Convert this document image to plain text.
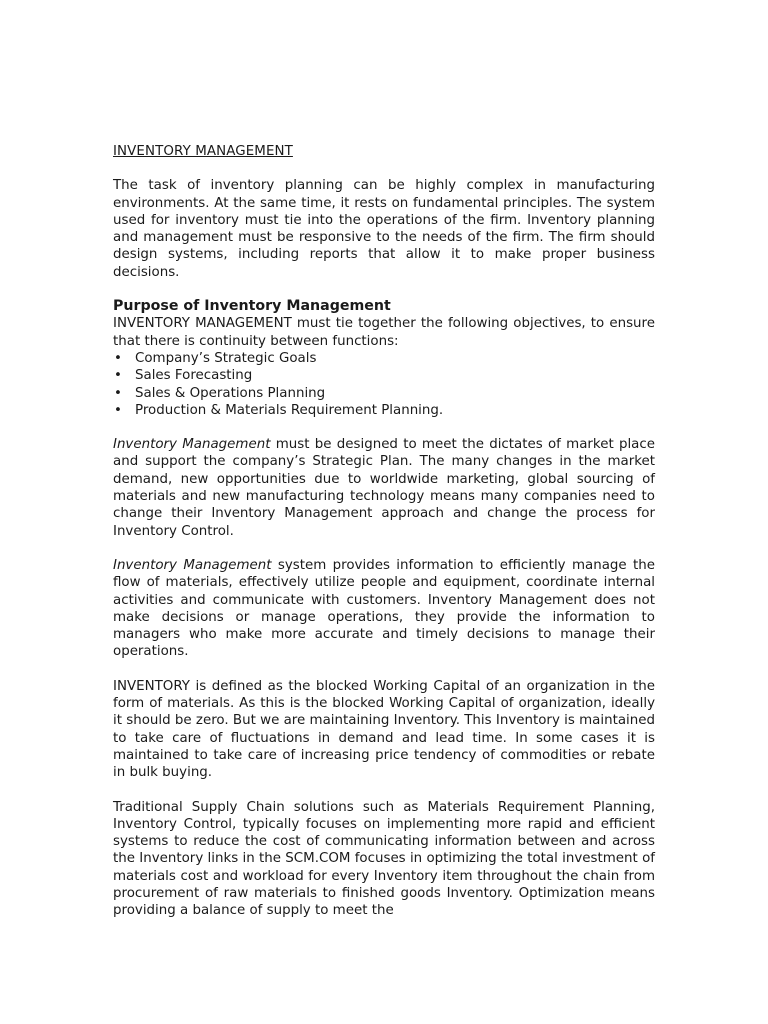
INVENTORY MANAGEMENT

The task of inventory planning can be highly complex in manufacturing environments. At the same time, it rests on fundamental principles. The system used for inventory must tie into the operations of the firm. Inventory planning and management must be responsive to the needs of the firm. The firm should design systems, including reports that allow it to make proper business decisions.

Purpose of Inventory Management

INVENTORY MANAGEMENT must tie together the following objectives, to ensure that there is continuity between functions:

• Company’s Strategic Goals
• Sales Forecasting
• Sales & Operations Planning
• Production & Materials Requirement Planning.

Inventory Management must be designed to meet the dictates of market place and support the company’s Strategic Plan. The many changes in the market demand, new opportunities due to worldwide marketing, global sourcing of materials and new manufacturing technology means many companies need to change their Inventory Management approach and change the process for Inventory Control.

Inventory Management system provides information to efficiently manage the flow of materials, effectively utilize people and equipment, coordinate internal activities and communicate with customers. Inventory Management does not make decisions or manage operations, they provide the information to managers who make more accurate and timely decisions to manage their operations.

INVENTORY is defined as the blocked Working Capital of an organization in the form of materials. As this is the blocked Working Capital of organization, ideally it should be zero. But we are maintaining Inventory. This Inventory is maintained to take care of fluctuations in demand and lead time. In some cases it is maintained to take care of increasing price tendency of commodities or rebate in bulk buying.

Traditional Supply Chain solutions such as Materials Requirement Planning, Inventory Control, typically focuses on implementing more rapid and efficient systems to reduce the cost of communicating information between and across the Inventory links in the SCM.COM focuses in optimizing the total investment of materials cost and workload for every Inventory item throughout the chain from procurement of raw materials to finished goods Inventory. Optimization means providing a balance of supply to meet the
